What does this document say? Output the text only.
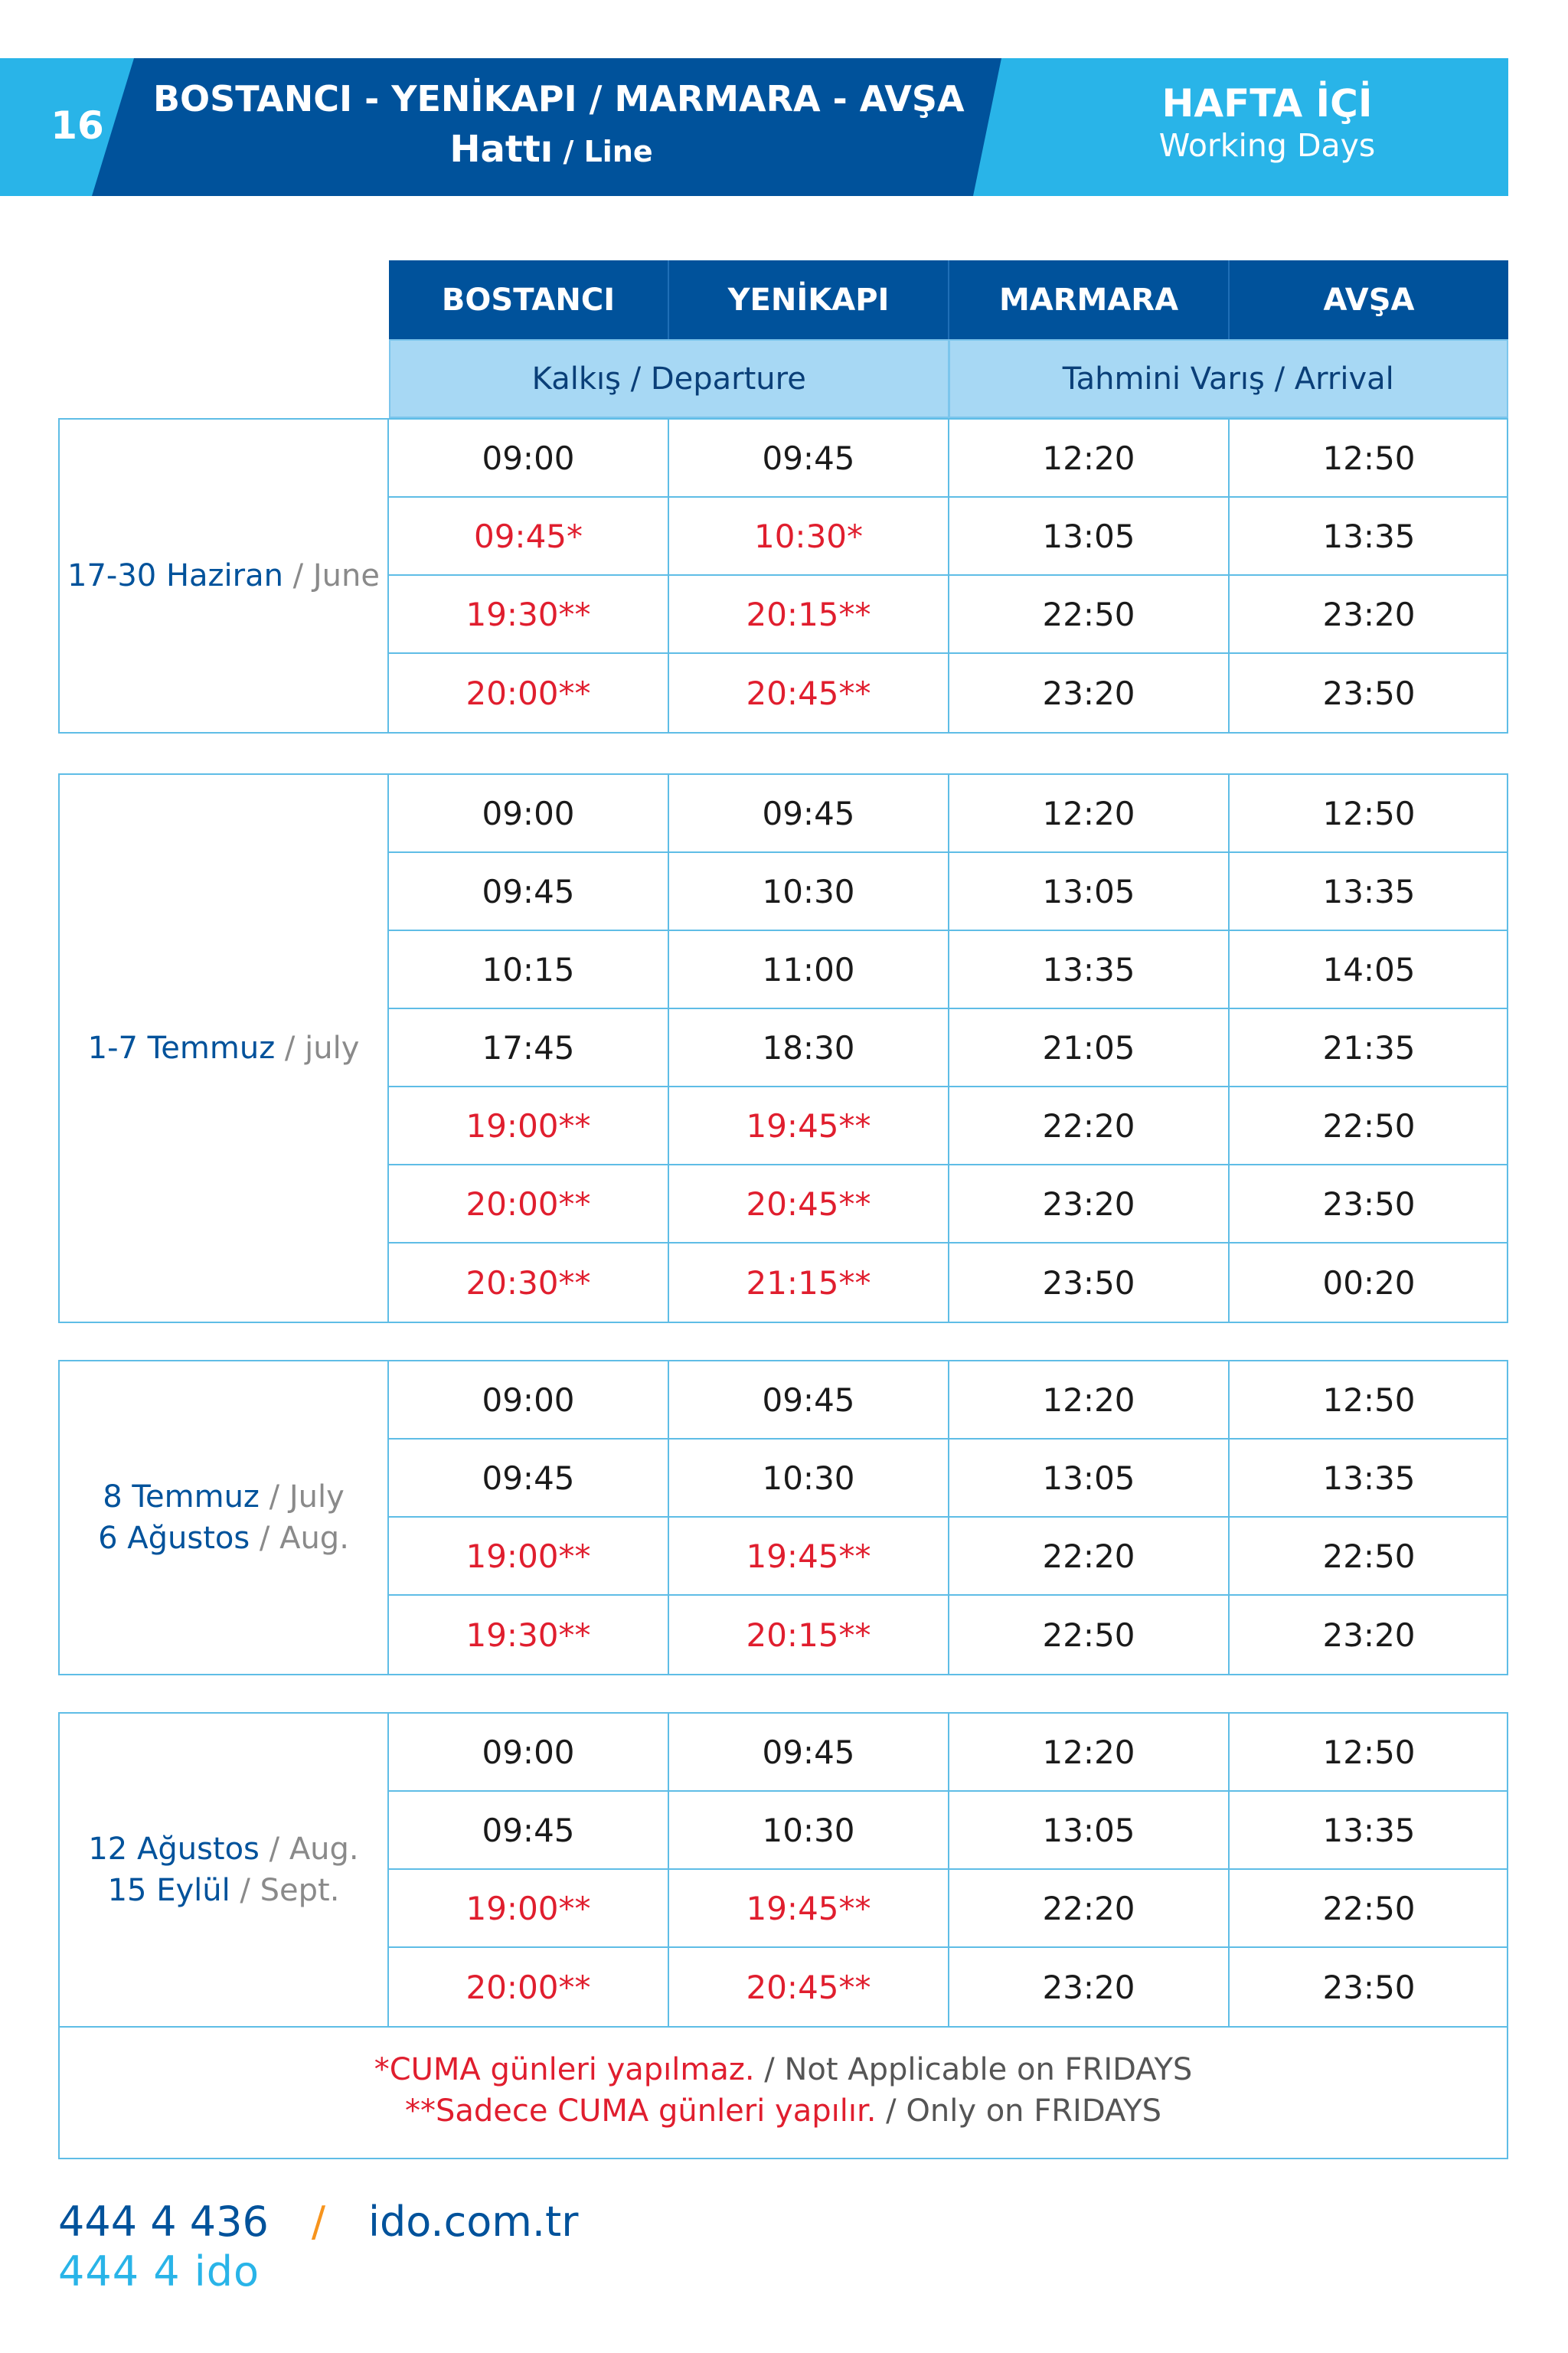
16
BOSTANCI - YENİKAPI / MARMARA - AVŞA
Hattı / Line
HAFTA İÇİ
Working Days
BOSTANCI	YENİKAPI	MARMARA	AVŞA
Kalkış / Departure	Tahmini Varış / Arrival
17-30 Haziran / June
09:00	09:45	12:20	12:50
09:45*	10:30*	13:05	13:35
19:30**	20:15**	22:50	23:20
20:00**	20:45**	23:20	23:50
1-7 Temmuz / july
09:00	09:45	12:20	12:50
09:45	10:30	13:05	13:35
10:15	11:00	13:35	14:05
17:45	18:30	21:05	21:35
19:00**	19:45**	22:20	22:50
20:00**	20:45**	23:20	23:50
20:30**	21:15**	23:50	00:20
8 Temmuz / July
6 Ağustos / Aug.
09:00	09:45	12:20	12:50
09:45	10:30	13:05	13:35
19:00**	19:45**	22:20	22:50
19:30**	20:15**	22:50	23:20
12 Ağustos / Aug.
15 Eylül / Sept.
09:00	09:45	12:20	12:50
09:45	10:30	13:05	13:35
19:00**	19:45**	22:20	22:50
20:00**	20:45**	23:20	23:50
*CUMA günleri yapılmaz. / Not Applicable on FRIDAYS
**Sadece CUMA günleri yapılır. / Only on FRIDAYS
444 4 436 / ido.com.tr
444 4 ido
